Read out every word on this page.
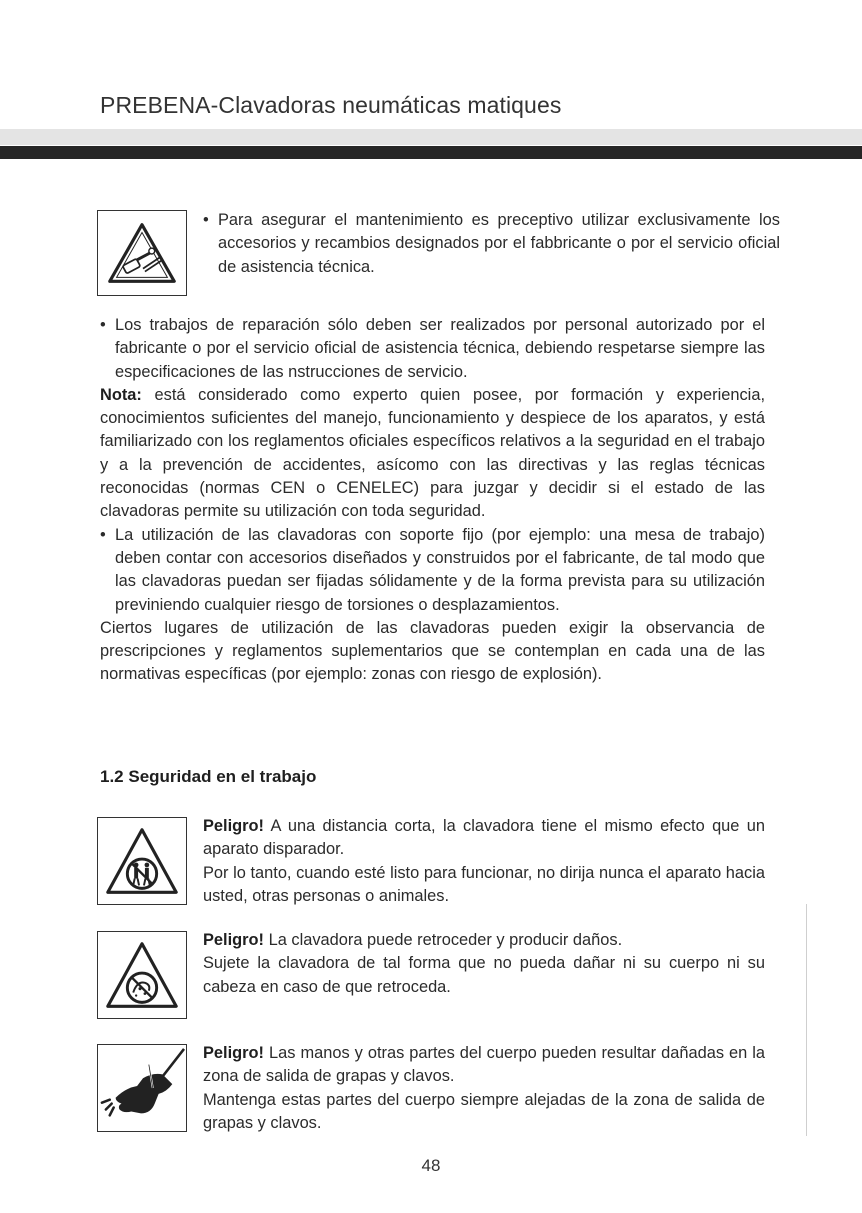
PREBENA-Clavadoras neumáticas matiques
• Para asegurar el mantenimiento es preceptivo utilizar exclusivamente los accesorios y recambios designados por el fabbricante o por el servicio oficial de asistencia técnica.

• Los trabajos de reparación sólo deben ser realizados por personal autorizado por el fabricante o por el servicio oficial de asistencia técnica, debiendo respetarse siempre las especificaciones de las nstrucciones de servicio.

Nota: está considerado como experto quien posee, por formación y experiencia, conocimientos suficientes del manejo, funcionamiento y despiece de los aparatos, y está familiarizado con los reglamentos oficiales específicos relativos a la seguridad en el trabajo y a la prevención de accidentes, asícomo con las directivas y las reglas técnicas reconocidas (normas CEN o CENELEC) para juzgar y decidir si el estado de las clavadoras permite su utilización con toda seguridad.

• La utilización de las clavadoras con soporte fijo (por ejemplo: una mesa de trabajo) deben contar con accesorios diseñados y construidos por el fabricante, de tal modo que las clavadoras puedan ser fijadas sólidamente y de la forma prevista para su utilización previniendo cualquier riesgo de torsiones o desplazamientos.

Ciertos lugares de utilización de las clavadoras pueden exigir la observancia de prescripciones y reglamentos suplementarios que se contemplan en cada una de las normativas específicas (por ejemplo: zonas con riesgo de explosión).

1.2 Seguridad en el trabajo

Peligro! A una distancia corta, la clavadora tiene el mismo efecto que un aparato disparador.

Por lo tanto, cuando esté listo para funcionar, no dirija nunca el aparato hacia usted, otras personas o animales.

Peligro! La clavadora puede retroceder y producir daños.

Sujete la clavadora de tal forma que no pueda dañar ni su cuerpo ni su cabeza en caso de que retroceda.

Peligro! Las manos y otras partes del cuerpo pueden resultar dañadas en la zona de salida de grapas y clavos.

Mantenga estas partes del cuerpo siempre alejadas de la zona de salida de grapas y clavos.

48
